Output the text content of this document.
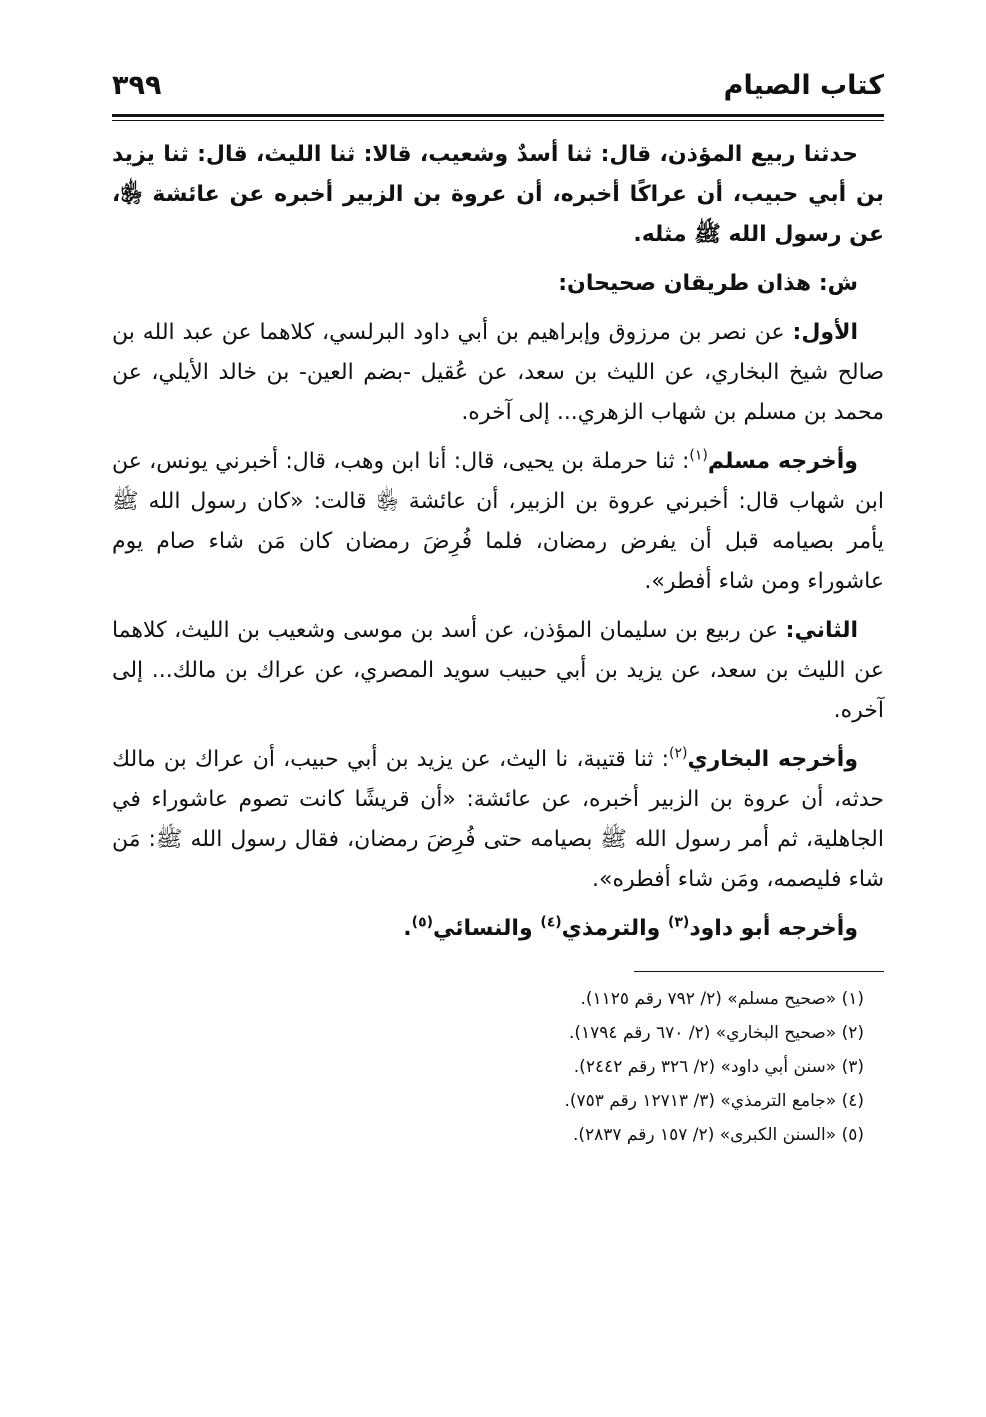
كتاب الصيام
٣٩٩

حدثنا ربيع المؤذن، قال: ثنا أسدٌ وشعيب، قالا: ثنا الليث، قال: ثنا يزيد بن أبي حبيب، أن عراكًا أخبره، أن عروة بن الزبير أخبره عن عائشة ﵂، عن رسول الله ﷺ مثله.

ش: هذان طريقان صحيحان:

الأول: عن نصر بن مرزوق وإبراهيم بن أبي داود البرلسي، كلاهما عن عبد الله بن صالح شيخ البخاري، عن الليث بن سعد، عن عُقيل -بضم العين- بن خالد الأيلي، عن محمد بن مسلم بن شهاب الزهري... إلى آخره.

وأخرجه مسلم$^{(١)}$: ثنا حرملة بن يحيى، قال: أنا ابن وهب، قال: أخبرني يونس، عن ابن شهاب قال: أخبرني عروة بن الزبير، أن عائشة ﵂ قالت: «كان رسول الله ﷺ يأمر بصيامه قبل أن يفرض رمضان، فلما فُرِضَ رمضان كان مَن شاء صام يوم عاشوراء ومن شاء أفطر».

الثاني: عن ربيع بن سليمان المؤذن، عن أسد بن موسى وشعيب بن الليث، كلاهما عن الليث بن سعد، عن يزيد بن أبي حبيب سويد المصري، عن عراك بن مالك... إلى آخره.

وأخرجه البخاري$^{(٢)}$: ثنا قتيبة، نا اليث، عن يزيد بن أبي حبيب، أن عراك بن مالك حدثه، أن عروة بن الزبير أخبره، عن عائشة: «أن قريشًا كانت تصوم عاشوراء في الجاهلية، ثم أمر رسول الله ﷺ بصيامه حتى فُرِضَ رمضان، فقال رسول الله ﷺ: مَن شاء فليصمه، ومَن شاء أفطره».

وأخرجه أبو داود$^{(٣)}$ والترمذي$^{(٤)}$ والنسائي$^{(٥)}$.

(١) «صحيح مسلم» (٢/ ٧٩٢ رقم ١١٢٥).

(٢) «صحيح البخاري» (٢/ ٦٧٠ رقم ١٧٩٤).

(٣) «سنن أبي داود» (٢/ ٣٢٦ رقم ٢٤٤٢).

(٤) «جامع الترمذي» (٣/ ١٢٧١٣ رقم ٧٥٣).

(٥) «السنن الكبرى» (٢/ ١٥٧ رقم ٢٨٣٧).
